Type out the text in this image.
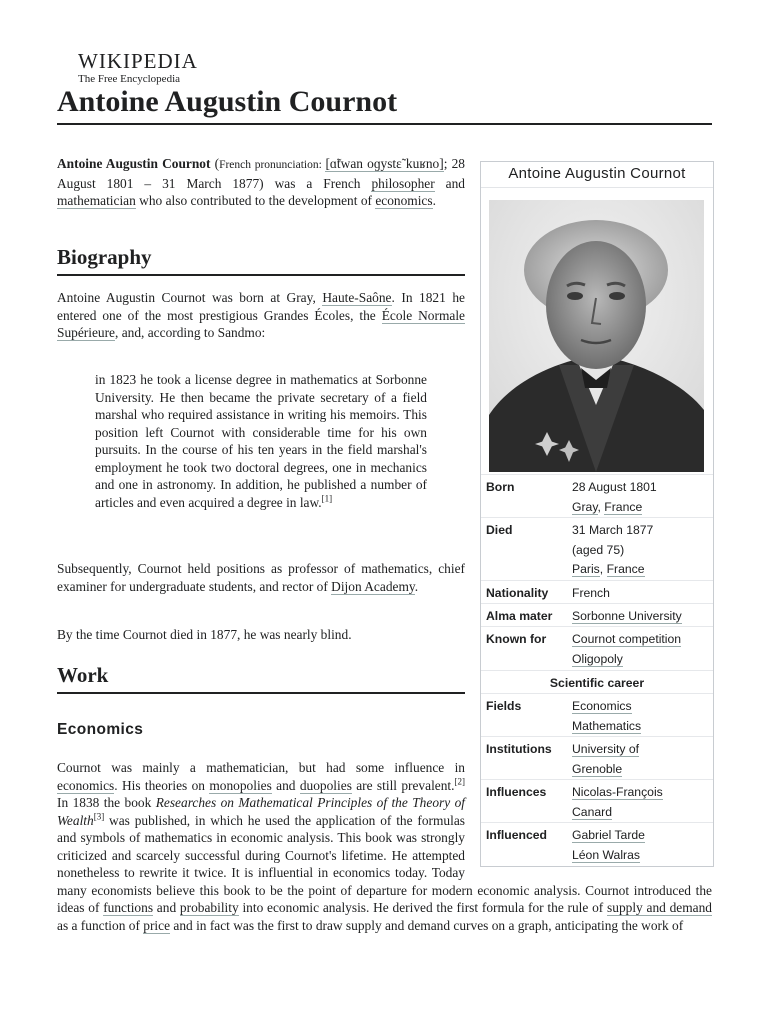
WIKIPEDIA
The Free Encyclopedia
Antoine Augustin Cournot
Antoine Augustin Cournot (French pronunciation: [ɑ̃twan oɡystɛ̃ kuʁno]; 28 August 1801 – 31 March 1877) was a French philosopher and mathematician who also contributed to the development of economics.
Biography
Antoine Augustin Cournot was born at Gray, Haute-Saône. In 1821 he entered one of the most prestigious Grandes Écoles, the École Normale Supérieure, and, according to Sandmo:
in 1823 he took a license degree in mathematics at Sorbonne University. He then became the private secretary of a field marshal who required assistance in writing his memoirs. This position left Cournot with considerable time for his own pursuits. In the course of his ten years in the field marshal's employment he took two doctoral degrees, one in mechanics and one in astronomy. In addition, he published a number of articles and even acquired a degree in law.[1]
Subsequently, Cournot held positions as professor of mathematics, chief examiner for undergraduate students, and rector of Dijon Academy.
By the time Cournot died in 1877, he was nearly blind.
Work
Economics
Cournot was mainly a mathematician, but had some influence in economics. His theories on monopolies and duopolies are still prevalent.[2] In 1838 the book Researches on Mathematical Principles of the Theory of Wealth[3] was published, in which he used the application of the formulas and symbols of mathematics in economic analysis. This book was strongly criticized and scarcely successful during Cournot's lifetime. He attempted nonetheless to rewrite it twice. It is influential in economics today. Today many economists believe this book to be the point of departure for modern economic analysis. Cournot introduced the ideas of functions and probability into economic analysis. He derived the first formula for the rule of supply and demand as a function of price and in fact was the first to draw supply and demand curves on a graph, anticipating the work of
Antoine Augustin Cournot
Born	28 August 1801
Gray, France
Died	31 March 1877
(aged 75)
Paris, France
Nationality French
Alma mater Sorbonne University
Known for Cournot competition
Oligopoly
Scientific career
Fields	Economics
Mathematics
Institutions University of
Grenoble
Influences Nicolas-François
Canard
Influenced Gabriel Tarde
Léon Walras
